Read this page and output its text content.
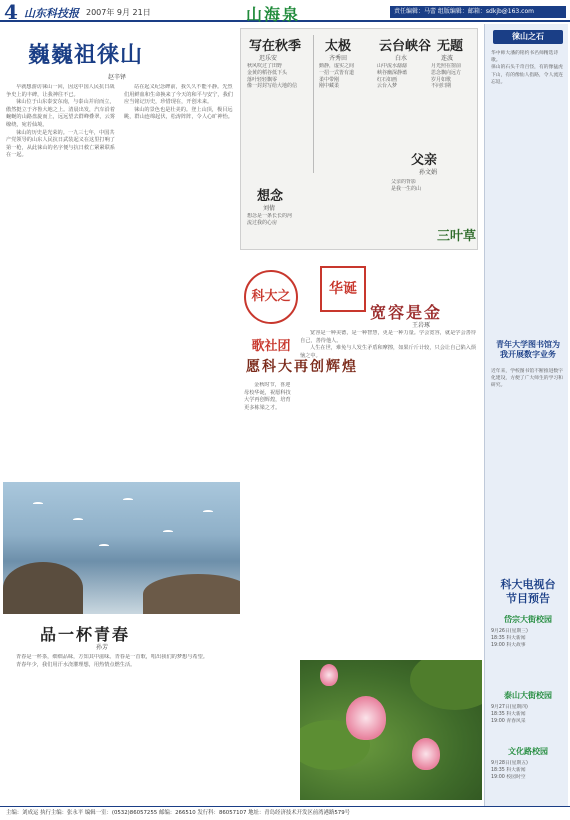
4 山东科技报 2007年 9月 21日	山海泉	责任编辑：马蕾 组版编辑：邮箱：sdkjb@163.com
巍巍祖徕山
赵辛铎

早就想游访徕山一回，因这中国人民抗日战争史上的丰碑，让我神往不已。

徕山位于山东泰安东南，与泰山并肩而立，傲然挺立于齐鲁大地之上。清晨出发，汽车沿着蜿蜒的山路盘旋而上，远远望去群峰叠翠，云雾缭绕，宛若仙境。

徕山的历史是光荣的。一九三七年，中国共产党领导的山东人民抗日武装起义在这里打响了第一枪，从此徕山的名字便与抗日救亡紧紧联系在一起。

站在起义纪念碑前，我久久不能平静。先烈们用鲜血和生命换来了今天的和平与安宁，我们应当铭记历史，珍惜现在，开创未来。

徕山的景色也是壮美的。登上山顶，极目远眺，群山连绵起伏，松涛阵阵，令人心旷神怡。

写在秋季
迟乐安
秋风吹过了田野
金黄的稻谷低下头
落叶轻轻飘零
像一封封写给大地的信
太极
齐秀田
動静，虚实之间
一招一式皆有道
柔中带刚
刚中藏柔
云台峡谷
白水
山中流水潺潺
峡谷幽深静谧
红石如画
云台入梦
无题
连波
月光照在窗前
思念飘向远方
岁月如歌
不问归期
父亲
孙文娟
父亲的背影
是我一生的山
想念
刘倩
想念是一条长长的河
流过我的心房
三叶草
科大之歌社团
华诞
宽容是金
王岩琢

宽容是一种美德，是一种智慧，更是一种力量。学会宽容，就是学会善待自己，善待他人。

人生在世，难免与人发生矛盾和摩擦，如果斤斤计较，只会让自己陷入烦恼之中。

愿科大再创辉煌

金秋时节，喜迎母校华诞，祝愿科技大学再创辉煌，培育更多栋梁之才。

品一杯青春
孙芳

青春是一杯茶，细细品味，方知其中滋味。青春是一首歌，唱出我们的梦想与希望。

青春年少，我们用汗水浇灌理想，用热情点燃生活。

徕山之石
华中师大潘的铭约书名师精选诗歌。
徕山的石头千奇百怪，有的像猛虎下山，有的像仙人指路，令人流连忘返。
青年大学图书馆为我开展数字业务
近年来，学校图书馆不断推进数字化建设，方便了广大师生的学习和研究。
科大电视台
节目预告
岱宗大街校园
9月26日(星期三)
18:35 科大新闻
19:00 科大故事
泰山大街校园
9月27日(星期四)
18:35 科大新闻
19:00 青春风采
文化路校园
9月28日(星期五)
18:35 科大新闻
19:00 校园时空
主编：刘成运 执行主编：张永平 编辑一室：(0532)86057255 邮编：266510 发行科：86057107 地址：青岛经济技术开发区前湾港路579号
